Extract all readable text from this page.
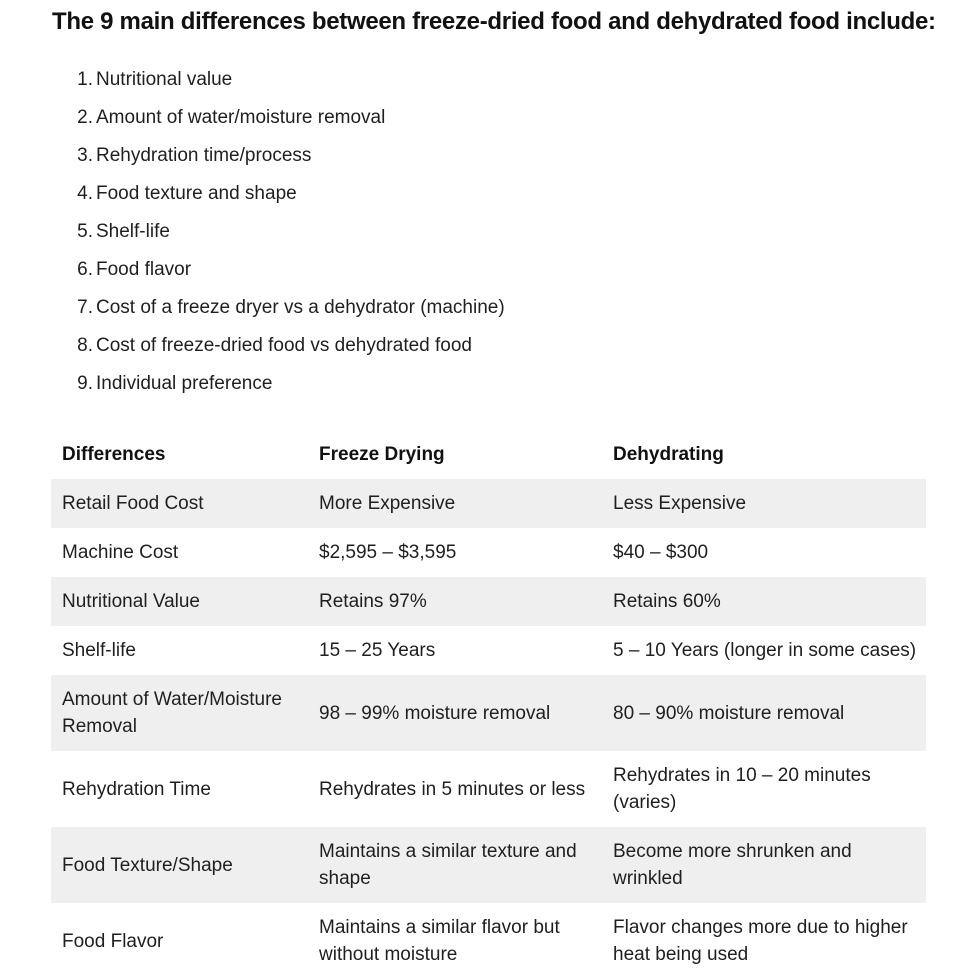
The 9 main differences between freeze-dried food and dehydrated food include:
1. Nutritional value
2. Amount of water/moisture removal
3. Rehydration time/process
4. Food texture and shape
5. Shelf-life
6. Food flavor
7. Cost of a freeze dryer vs a dehydrator (machine)
8. Cost of freeze-dried food vs dehydrated food
9. Individual preference
Differences	Freeze Drying	Dehydrating
Retail Food Cost	More Expensive	Less Expensive
Machine Cost	$2,595 – $3,595	$40 – $300
Nutritional Value	Retains 97%	Retains 60%
Shelf-life	15 – 25 Years	5 – 10 Years (longer in some cases)
Amount of Water/Moisture Removal	98 – 99% moisture removal	80 – 90% moisture removal
Rehydration Time	Rehydrates in 5 minutes or less	Rehydrates in 10 – 20 minutes (varies)
Food Texture/Shape	Maintains a similar texture and shape	Become more shrunken and wrinkled
Food Flavor	Maintains a similar flavor but without moisture	Flavor changes more due to higher heat being used
